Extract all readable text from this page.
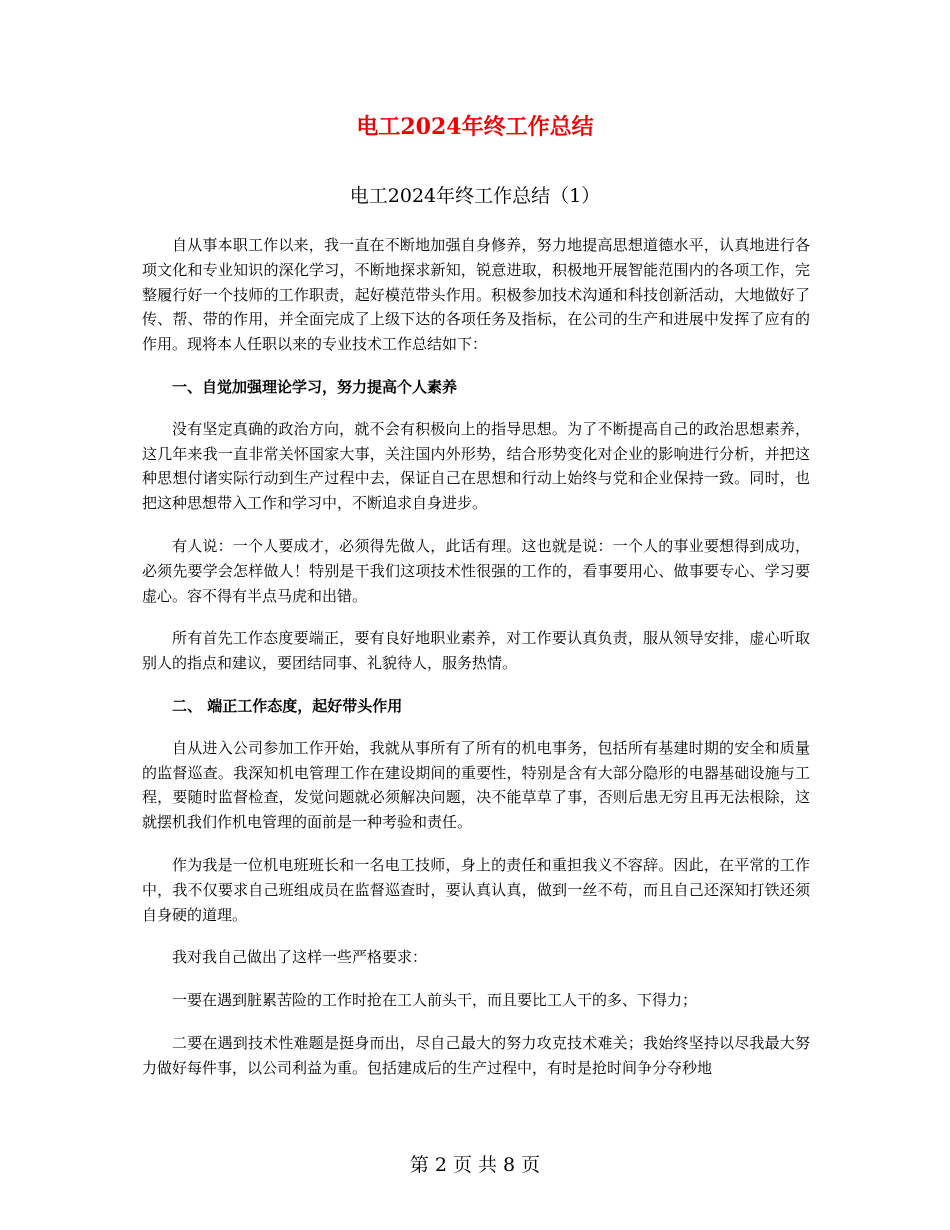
电工2024年终工作总结
电工2024年终工作总结（1）

自从事本职工作以来，我一直在不断地加强自身修养，努力地提高思想道德水平，认真地进行各项文化和专业知识的深化学习，不断地探求新知，锐意进取，积极地开展智能范围内的各项工作，完整履行好一个技师的工作职责，起好模范带头作用。积极参加技术沟通和科技创新活动，大地做好了传、帮、带的作用，并全面完成了上级下达的各项任务及指标，在公司的生产和进展中发挥了应有的作用。现将本人任职以来的专业技术工作总结如下：

一、自觉加强理论学习，努力提高个人素养

没有坚定真确的政治方向，就不会有积极向上的指导思想。为了不断提高自己的政治思想素养，这几年来我一直非常关怀国家大事，关注国内外形势，结合形势变化对企业的影响进行分析，并把这种思想付诸实际行动到生产过程中去，保证自己在思想和行动上始终与党和企业保持一致。同时，也把这种思想带入工作和学习中，不断追求自身进步。

有人说：一个人要成才，必须得先做人，此话有理。这也就是说：一个人的事业要想得到成功，必须先要学会怎样做人！特别是干我们这项技术性很强的工作的，看事要用心、做事要专心、学习要虚心。容不得有半点马虎和出错。

所有首先工作态度要端正，要有良好地职业素养，对工作要认真负责，服从领导安排，虚心听取别人的指点和建议，要团结同事、礼貌待人，服务热情。

二、 端正工作态度，起好带头作用

自从进入公司参加工作开始，我就从事所有了所有的机电事务，包括所有基建时期的安全和质量的监督巡查。我深知机电管理工作在建设期间的重要性，特别是含有大部分隐形的电器基础设施与工程，要随时监督检查，发觉问题就必须解决问题，决不能草草了事，否则后患无穷且再无法根除，这就摆机我们作机电管理的面前是一种考验和责任。

作为我是一位机电班班长和一名电工技师，身上的责任和重担我义不容辞。因此，在平常的工作中，我不仅要求自己班组成员在监督巡查时，要认真认真，做到一丝不苟，而且自己还深知打铁还须自身硬的道理。

我对我自己做出了这样一些严格要求：

一要在遇到脏累苦险的工作时抢在工人前头干，而且要比工人干的多、下得力；

二要在遇到技术性难题是挺身而出，尽自己最大的努力攻克技术难关；我始终坚持以尽我最大努力做好每件事，以公司利益为重。包括建成后的生产过程中，有时是抢时间争分夺秒地

第 2 页 共 8 页
